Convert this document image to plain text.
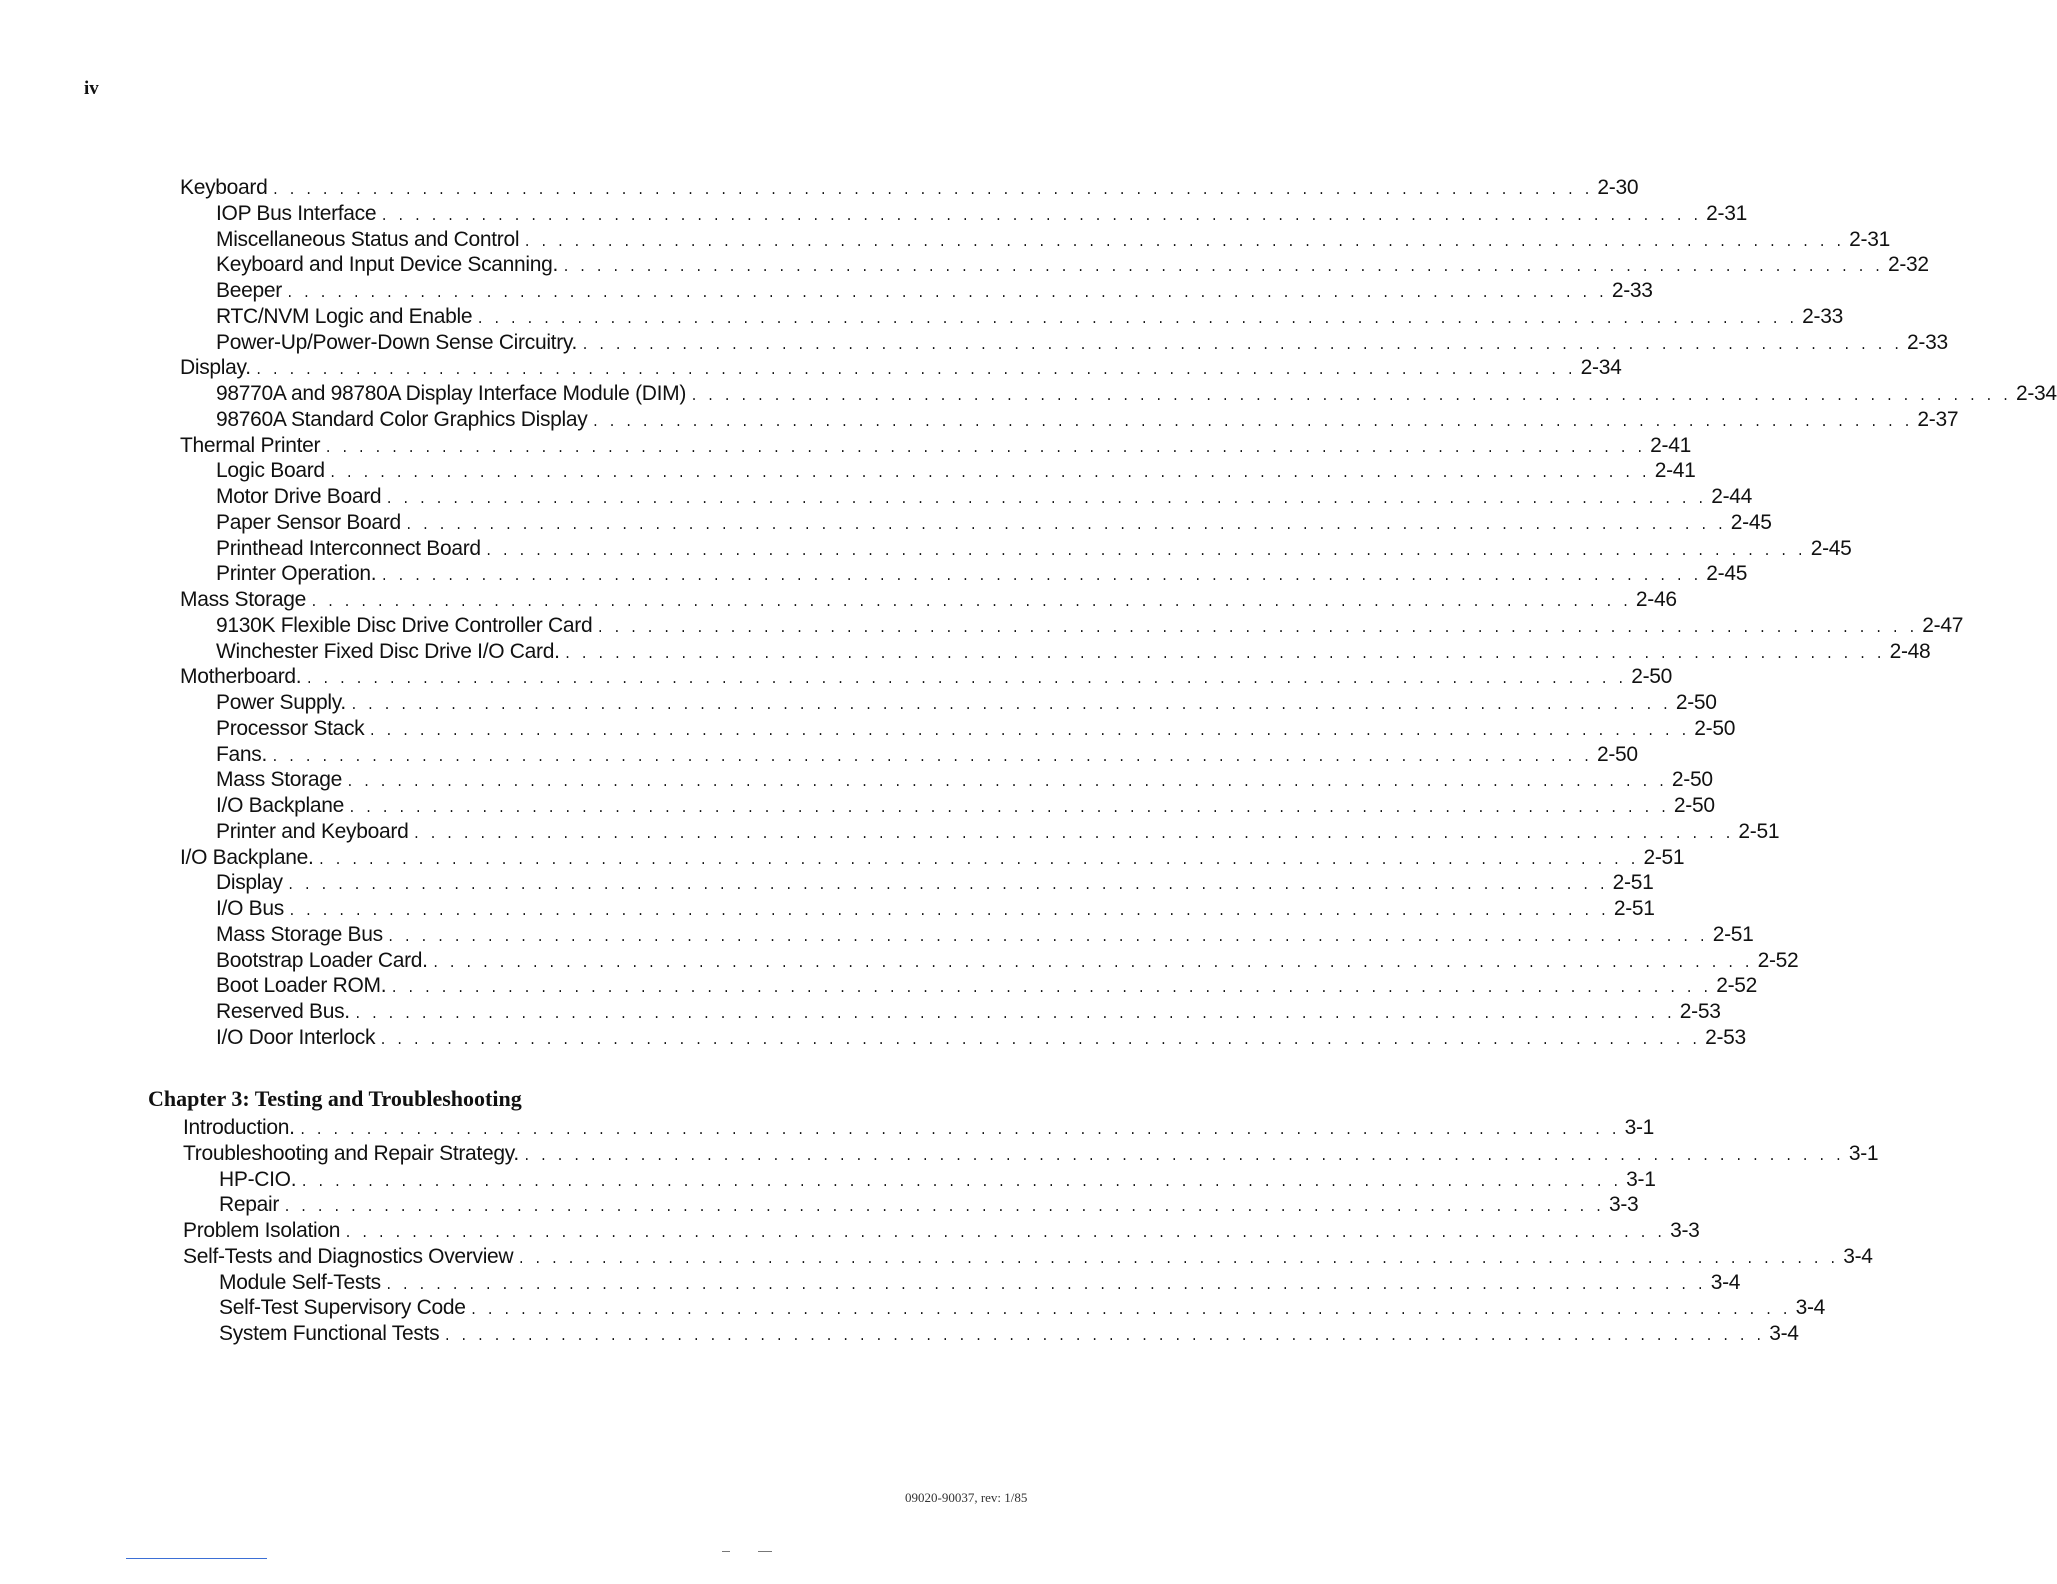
iv
Keyboard . . . . . . . . . . . . . . . . . . . . . . . . . . . . . . . . . . . . . . . . . . . . . . . . . . . . . . . . . . . . . . . . . . . . . . . . . . . . . . . . 2-30
IOP Bus Interface . . . . . . . . . . . . . . . . . . . . . . . . . . . . . . . . . . . . . . . . . . . . . . . . . . . . . . . . . . . . . . . . . . . . . . . . . . . . . . . . 2-31
Miscellaneous Status and Control . . . . . . . . . . . . . . . . . . . . . . . . . . . . . . . . . . . . . . . . . . . . . . . . . . . . . . . . . . . . . . . . . . . . . . . . . . . . . . . . 2-31
Keyboard and Input Device Scanning. . . . . . . . . . . . . . . . . . . . . . . . . . . . . . . . . . . . . . . . . . . . . . . . . . . . . . . . . . . . . . . . . . . . . . . . . . . . . . . . . 2-32
Beeper . . . . . . . . . . . . . . . . . . . . . . . . . . . . . . . . . . . . . . . . . . . . . . . . . . . . . . . . . . . . . . . . . . . . . . . . . . . . . . . . 2-33
RTC/NVM Logic and Enable . . . . . . . . . . . . . . . . . . . . . . . . . . . . . . . . . . . . . . . . . . . . . . . . . . . . . . . . . . . . . . . . . . . . . . . . . . . . . . . . 2-33
Power-Up/Power-Down Sense Circuitry. . . . . . . . . . . . . . . . . . . . . . . . . . . . . . . . . . . . . . . . . . . . . . . . . . . . . . . . . . . . . . . . . . . . . . . . . . . . . . . . . 2-33
Display. . . . . . . . . . . . . . . . . . . . . . . . . . . . . . . . . . . . . . . . . . . . . . . . . . . . . . . . . . . . . . . . . . . . . . . . . . . . . . . . . 2-34
98770A and 98780A Display Interface Module (DIM) . . . . . . . . . . . . . . . . . . . . . . . . . . . . . . . . . . . . . . . . . . . . . . . . . . . . . . . . . . . . . . . . . . . . . . . . . . . . . . . . 2-34
98760A Standard Color Graphics Display . . . . . . . . . . . . . . . . . . . . . . . . . . . . . . . . . . . . . . . . . . . . . . . . . . . . . . . . . . . . . . . . . . . . . . . . . . . . . . . . 2-37
Thermal Printer . . . . . . . . . . . . . . . . . . . . . . . . . . . . . . . . . . . . . . . . . . . . . . . . . . . . . . . . . . . . . . . . . . . . . . . . . . . . . . . . 2-41
Logic Board . . . . . . . . . . . . . . . . . . . . . . . . . . . . . . . . . . . . . . . . . . . . . . . . . . . . . . . . . . . . . . . . . . . . . . . . . . . . . . . . 2-41
Motor Drive Board . . . . . . . . . . . . . . . . . . . . . . . . . . . . . . . . . . . . . . . . . . . . . . . . . . . . . . . . . . . . . . . . . . . . . . . . . . . . . . . . 2-44
Paper Sensor Board . . . . . . . . . . . . . . . . . . . . . . . . . . . . . . . . . . . . . . . . . . . . . . . . . . . . . . . . . . . . . . . . . . . . . . . . . . . . . . . . 2-45
Printhead Interconnect Board . . . . . . . . . . . . . . . . . . . . . . . . . . . . . . . . . . . . . . . . . . . . . . . . . . . . . . . . . . . . . . . . . . . . . . . . . . . . . . . . 2-45
Printer Operation. . . . . . . . . . . . . . . . . . . . . . . . . . . . . . . . . . . . . . . . . . . . . . . . . . . . . . . . . . . . . . . . . . . . . . . . . . . . . . . . . 2-45
Mass Storage . . . . . . . . . . . . . . . . . . . . . . . . . . . . . . . . . . . . . . . . . . . . . . . . . . . . . . . . . . . . . . . . . . . . . . . . . . . . . . . . 2-46
9130K Flexible Disc Drive Controller Card . . . . . . . . . . . . . . . . . . . . . . . . . . . . . . . . . . . . . . . . . . . . . . . . . . . . . . . . . . . . . . . . . . . . . . . . . . . . . . . . 2-47
Winchester Fixed Disc Drive I/O Card. . . . . . . . . . . . . . . . . . . . . . . . . . . . . . . . . . . . . . . . . . . . . . . . . . . . . . . . . . . . . . . . . . . . . . . . . . . . . . . . . 2-48
Motherboard. . . . . . . . . . . . . . . . . . . . . . . . . . . . . . . . . . . . . . . . . . . . . . . . . . . . . . . . . . . . . . . . . . . . . . . . . . . . . . . . . 2-50
Power Supply. . . . . . . . . . . . . . . . . . . . . . . . . . . . . . . . . . . . . . . . . . . . . . . . . . . . . . . . . . . . . . . . . . . . . . . . . . . . . . . . . 2-50
Processor Stack . . . . . . . . . . . . . . . . . . . . . . . . . . . . . . . . . . . . . . . . . . . . . . . . . . . . . . . . . . . . . . . . . . . . . . . . . . . . . . . . 2-50
Fans. . . . . . . . . . . . . . . . . . . . . . . . . . . . . . . . . . . . . . . . . . . . . . . . . . . . . . . . . . . . . . . . . . . . . . . . . . . . . . . . . 2-50
Mass Storage . . . . . . . . . . . . . . . . . . . . . . . . . . . . . . . . . . . . . . . . . . . . . . . . . . . . . . . . . . . . . . . . . . . . . . . . . . . . . . . . 2-50
I/O Backplane . . . . . . . . . . . . . . . . . . . . . . . . . . . . . . . . . . . . . . . . . . . . . . . . . . . . . . . . . . . . . . . . . . . . . . . . . . . . . . . . 2-50
Printer and Keyboard . . . . . . . . . . . . . . . . . . . . . . . . . . . . . . . . . . . . . . . . . . . . . . . . . . . . . . . . . . . . . . . . . . . . . . . . . . . . . . . . 2-51
I/O Backplane. . . . . . . . . . . . . . . . . . . . . . . . . . . . . . . . . . . . . . . . . . . . . . . . . . . . . . . . . . . . . . . . . . . . . . . . . . . . . . . . . 2-51
Display . . . . . . . . . . . . . . . . . . . . . . . . . . . . . . . . . . . . . . . . . . . . . . . . . . . . . . . . . . . . . . . . . . . . . . . . . . . . . . . . 2-51
I/O Bus . . . . . . . . . . . . . . . . . . . . . . . . . . . . . . . . . . . . . . . . . . . . . . . . . . . . . . . . . . . . . . . . . . . . . . . . . . . . . . . . 2-51
Mass Storage Bus . . . . . . . . . . . . . . . . . . . . . . . . . . . . . . . . . . . . . . . . . . . . . . . . . . . . . . . . . . . . . . . . . . . . . . . . . . . . . . . . 2-51
Bootstrap Loader Card. . . . . . . . . . . . . . . . . . . . . . . . . . . . . . . . . . . . . . . . . . . . . . . . . . . . . . . . . . . . . . . . . . . . . . . . . . . . . . . . . 2-52
Boot Loader ROM. . . . . . . . . . . . . . . . . . . . . . . . . . . . . . . . . . . . . . . . . . . . . . . . . . . . . . . . . . . . . . . . . . . . . . . . . . . . . . . . . 2-52
Reserved Bus. . . . . . . . . . . . . . . . . . . . . . . . . . . . . . . . . . . . . . . . . . . . . . . . . . . . . . . . . . . . . . . . . . . . . . . . . . . . . . . . . 2-53
I/O Door Interlock . . . . . . . . . . . . . . . . . . . . . . . . . . . . . . . . . . . . . . . . . . . . . . . . . . . . . . . . . . . . . . . . . . . . . . . . . . . . . . . . 2-53
Chapter 3: Testing and Troubleshooting
Introduction. . . . . . . . . . . . . . . . . . . . . . . . . . . . . . . . . . . . . . . . . . . . . . . . . . . . . . . . . . . . . . . . . . . . . . . . . . . . . . . . . 3-1
Troubleshooting and Repair Strategy. . . . . . . . . . . . . . . . . . . . . . . . . . . . . . . . . . . . . . . . . . . . . . . . . . . . . . . . . . . . . . . . . . . . . . . . . . . . . . . . . 3-1
HP-CIO. . . . . . . . . . . . . . . . . . . . . . . . . . . . . . . . . . . . . . . . . . . . . . . . . . . . . . . . . . . . . . . . . . . . . . . . . . . . . . . . . 3-1
Repair . . . . . . . . . . . . . . . . . . . . . . . . . . . . . . . . . . . . . . . . . . . . . . . . . . . . . . . . . . . . . . . . . . . . . . . . . . . . . . . . 3-3
Problem Isolation . . . . . . . . . . . . . . . . . . . . . . . . . . . . . . . . . . . . . . . . . . . . . . . . . . . . . . . . . . . . . . . . . . . . . . . . . . . . . . . . 3-3
Self-Tests and Diagnostics Overview . . . . . . . . . . . . . . . . . . . . . . . . . . . . . . . . . . . . . . . . . . . . . . . . . . . . . . . . . . . . . . . . . . . . . . . . . . . . . . . . 3-4
Module Self-Tests . . . . . . . . . . . . . . . . . . . . . . . . . . . . . . . . . . . . . . . . . . . . . . . . . . . . . . . . . . . . . . . . . . . . . . . . . . . . . . . . 3-4
Self-Test Supervisory Code . . . . . . . . . . . . . . . . . . . . . . . . . . . . . . . . . . . . . . . . . . . . . . . . . . . . . . . . . . . . . . . . . . . . . . . . . . . . . . . . 3-4
System Functional Tests . . . . . . . . . . . . . . . . . . . . . . . . . . . . . . . . . . . . . . . . . . . . . . . . . . . . . . . . . . . . . . . . . . . . . . . . . . . . . . . . 3-4
09020-90037, rev: 1/85
